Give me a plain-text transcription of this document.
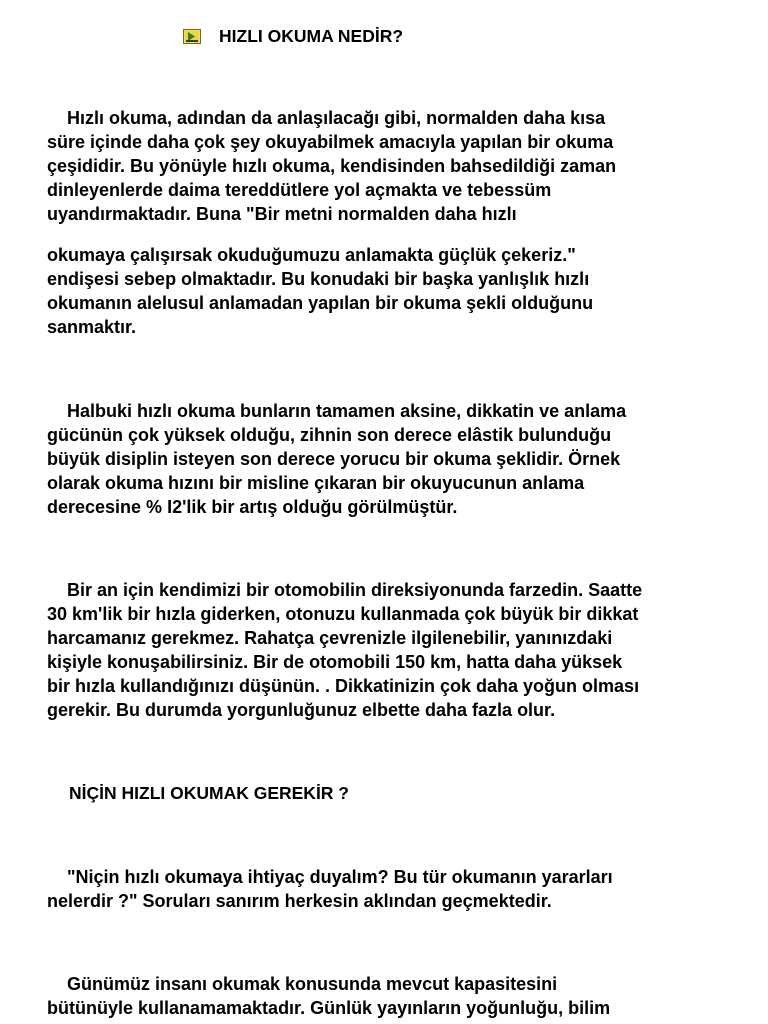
HIZLI OKUMA NEDİR?
Hızlı okuma, adından da anlaşılacağı gibi, normalden daha kısa
süre içinde daha çok şey okuyabilmek amacıyla yapılan bir okuma
çeşididir. Bu yönüyle hızlı okuma, kendisinden bahsedildiği zaman
dinleyenlerde daima tereddütlere yol açmakta ve tebessüm
uyandırmaktadır. Buna "Bir metni normalden daha hızlı
okumaya çalışırsak okuduğumuzu anlamakta güçlük çekeriz."
endişesi sebep olmaktadır. Bu konudaki bir başka yanlışlık hızlı
okumanın alelusul anlamadan yapılan bir okuma şekli olduğunu
sanmaktır.
Halbuki hızlı okuma bunların tamamen aksine, dikkatin ve anlama
gücünün çok yüksek olduğu, zihnin son derece elâstik bulunduğu
büyük disiplin isteyen son derece yorucu bir okuma şeklidir. Örnek
olarak okuma hızını bir misline çıkaran bir okuyucunun anlama
derecesine % I2'lik bir artış olduğu görülmüştür.
Bir an için kendimizi bir otomobilin direksiyonunda farzedin. Saatte
30 km'lik bir hızla giderken, otonuzu kullanmada çok büyük bir dikkat
harcamanız gerekmez. Rahatça çevrenizle ilgilenebilir, yanınızdaki
kişiyle konuşabilirsiniz. Bir de otomobili 150 km, hatta daha yüksek
bir hızla kullandığınızı düşünün. . Dikkatinizin çok daha yoğun olması
gerekir. Bu durumda yorgunluğunuz elbette daha fazla olur.
NİÇİN HIZLI OKUMAK GEREKİR ?
"Niçin hızlı okumaya ihtiyaç duyalım? Bu tür okumanın yararları
nelerdir ?" Soruları sanırım herkesin aklından geçmektedir.
Günümüz insanı okumak konusunda mevcut kapasitesini
bütünüyle kullanamamaktadır. Günlük yayınların yoğunluğu, bilim
